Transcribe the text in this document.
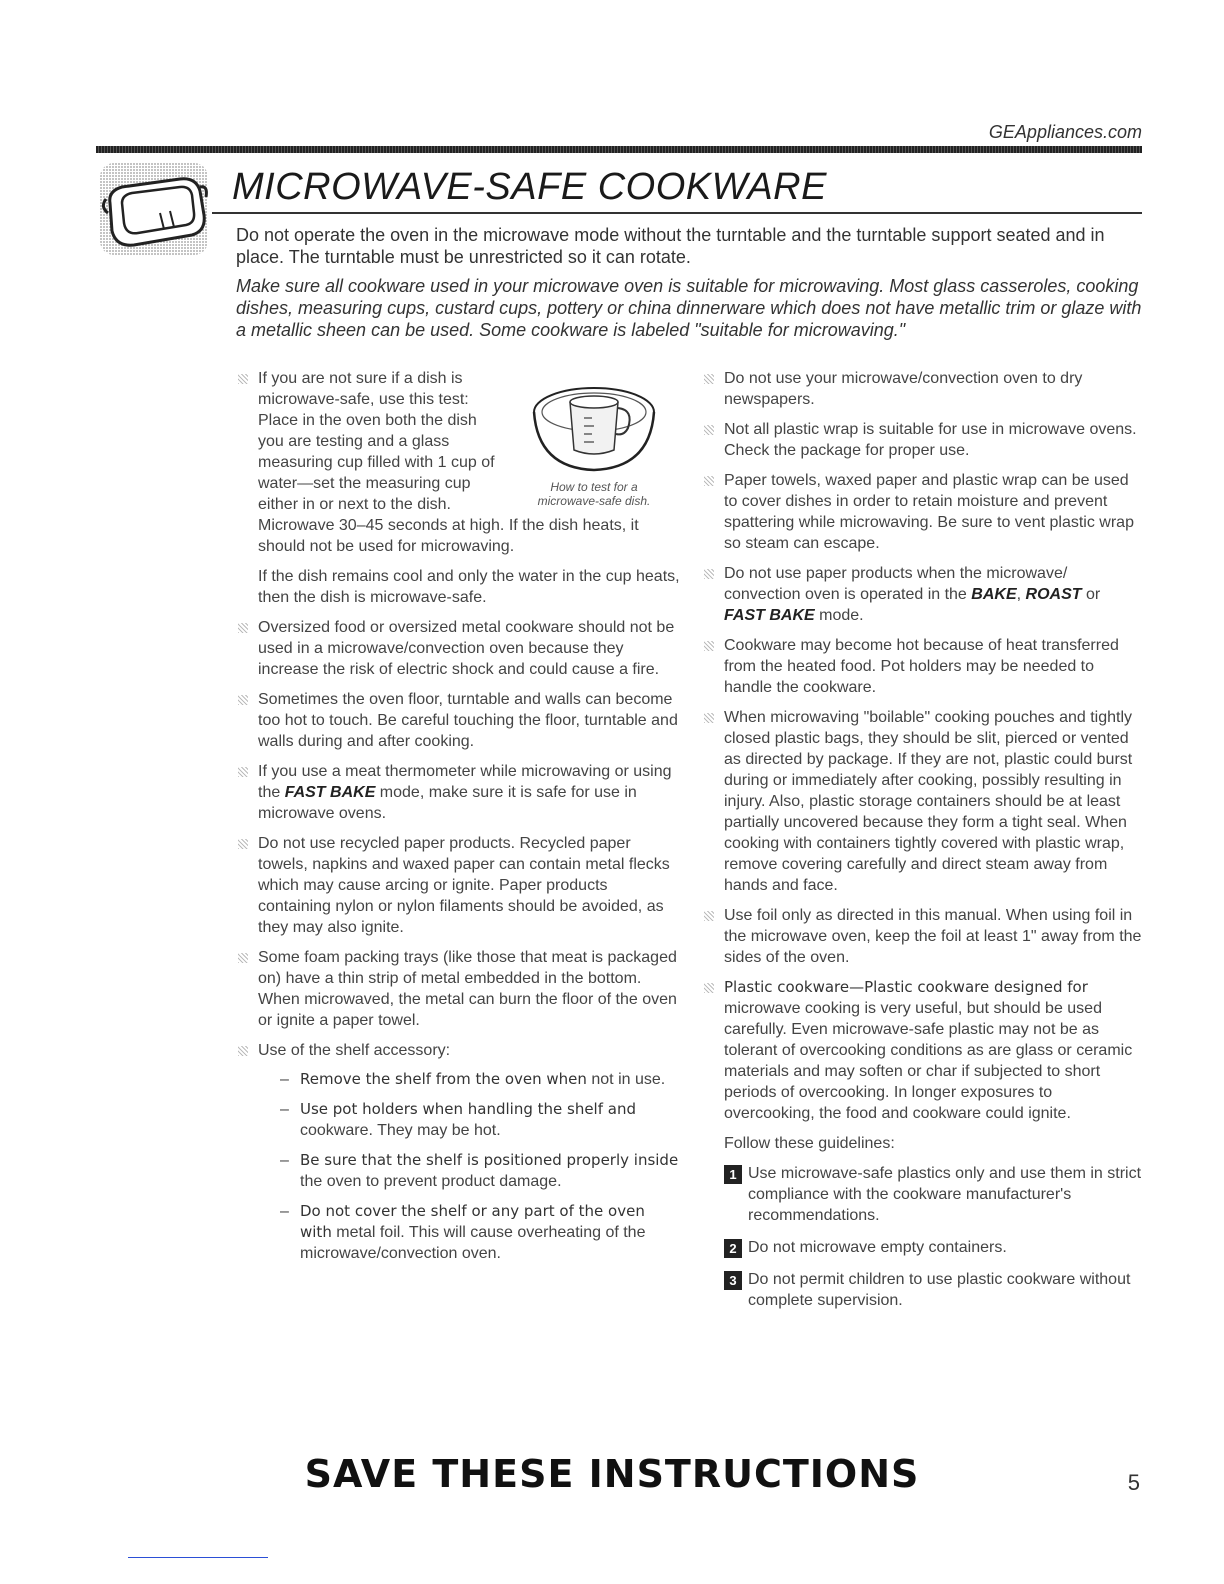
GEAppliances.com
MICROWAVE-SAFE COOKWARE

Do not operate the oven in the microwave mode without the turntable and the turntable support seated and in place. The turntable must be unrestricted so it can rotate.

Make sure all cookware used in your microwave oven is suitable for microwaving. Most glass casseroles, cooking dishes, measuring cups, custard cups, pottery or china dinnerware which does not have metallic trim or glaze with a metallic sheen can be used. Some cookware is labeled "suitable for microwaving."

How to test for a
microwave-safe dish.
If you are not sure if a dish is microwave-safe, use this test: Place in the oven both the dish you are testing and a glass measuring cup filled with 1 cup of water—set the measuring cup either in or next to the dish. Microwave 30–45 seconds at high. If the dish heats, it should not be used for microwaving.
If the dish remains cool and only the water in the cup heats, then the dish is microwave-safe.
Oversized food or oversized metal cookware should not be used in a microwave/convection oven because they increase the risk of electric shock and could cause a fire.
Sometimes the oven floor, turntable and walls can become too hot to touch. Be careful touching the floor, turntable and walls during and after cooking.
If you use a meat thermometer while microwaving or using the FAST BAKE mode, make sure it is safe for use in microwave ovens.
Do not use recycled paper products. Recycled paper towels, napkins and waxed paper can contain metal flecks which may cause arcing or ignite. Paper products containing nylon or nylon filaments should be avoided, as they may also ignite.
Some foam packing trays (like those that meat is packaged on) have a thin strip of metal embedded in the bottom. When microwaved, the metal can burn the floor of the oven or ignite a paper towel.
Use of the shelf accessory:
– Remove the shelf from the oven when not in use.
– Use pot holders when handling the shelf and cookware. They may be hot.
– Be sure that the shelf is positioned properly inside the oven to prevent product damage.
– Do not cover the shelf or any part of the oven with metal foil. This will cause overheating of the microwave/convection oven.
Do not use your microwave/convection oven to dry newspapers.
Not all plastic wrap is suitable for use in microwave ovens. Check the package for proper use.
Paper towels, waxed paper and plastic wrap can be used to cover dishes in order to retain moisture and prevent spattering while microwaving. Be sure to vent plastic wrap so steam can escape.
Do not use paper products when the microwave/ convection oven is operated in the BAKE, ROAST or FAST BAKE mode.
Cookware may become hot because of heat transferred from the heated food. Pot holders may be needed to handle the cookware.
When microwaving "boilable" cooking pouches and tightly closed plastic bags, they should be slit, pierced or vented as directed by package. If they are not, plastic could burst during or immediately after cooking, possibly resulting in injury. Also, plastic storage containers should be at least partially uncovered because they form a tight seal. When cooking with containers tightly covered with plastic wrap, remove covering carefully and direct steam away from hands and face.
Use foil only as directed in this manual. When using foil in the microwave oven, keep the foil at least 1" away from the sides of the oven.
Plastic cookware—Plastic cookware designed for microwave cooking is very useful, but should be used carefully. Even microwave-safe plastic may not be as tolerant of overcooking conditions as are glass or ceramic materials and may soften or char if subjected to short periods of overcooking. In longer exposures to overcooking, the food and cookware could ignite.
Follow these guidelines:
1 Use microwave-safe plastics only and use them in strict compliance with the cookware manufacturer's recommendations.
2 Do not microwave empty containers.
3 Do not permit children to use plastic cookware without complete supervision.
SAVE THESE INSTRUCTIONS	5
